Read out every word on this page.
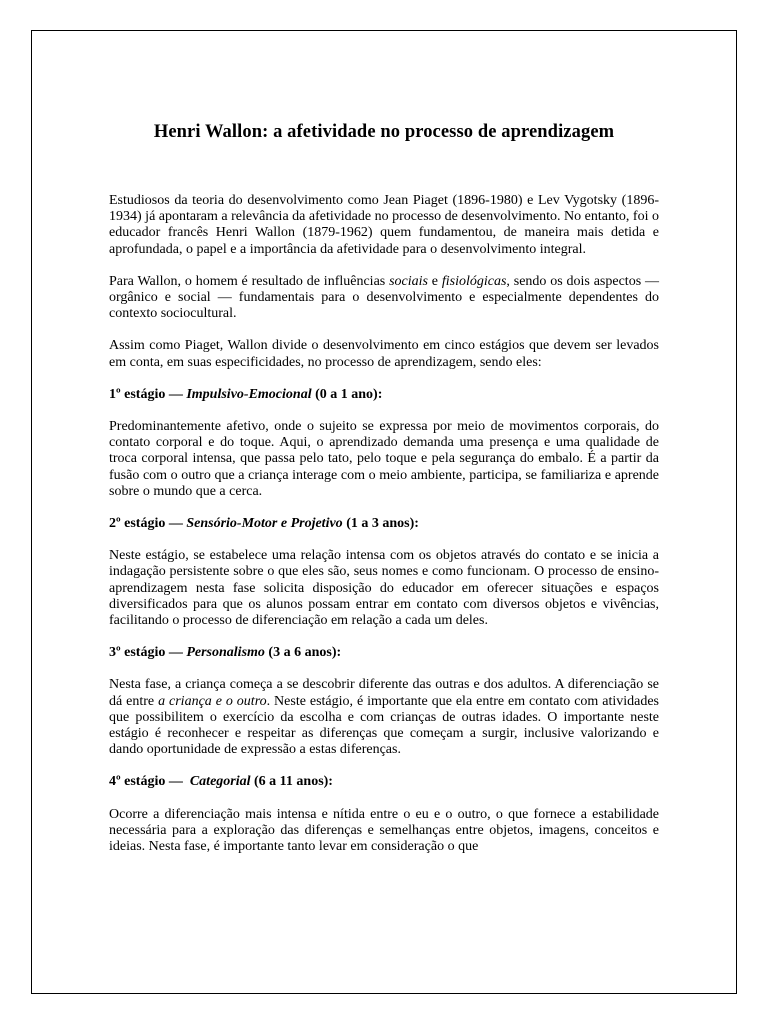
Henri Wallon: a afetividade no processo de aprendizagem

Estudiosos da teoria do desenvolvimento como Jean Piaget (1896-1980) e Lev Vygotsky (1896-1934) já apontaram a relevância da afetividade no processo de desenvolvimento. No entanto, foi o educador francês Henri Wallon (1879-1962) quem fundamentou, de maneira mais detida e aprofundada, o papel e a importância da afetividade para o desenvolvimento integral.

Para Wallon, o homem é resultado de influências sociais e fisiológicas, sendo os dois aspectos — orgânico e social — fundamentais para o desenvolvimento e especialmente dependentes do contexto sociocultural.

Assim como Piaget, Wallon divide o desenvolvimento em cinco estágios que devem ser levados em conta, em suas especificidades, no processo de aprendizagem, sendo eles:

1º estágio — Impulsivo-Emocional (0 a 1 ano):

Predominantemente afetivo, onde o sujeito se expressa por meio de movimentos corporais, do contato corporal e do toque. Aqui, o aprendizado demanda uma presença e uma qualidade de troca corporal intensa, que passa pelo tato, pelo toque e pela segurança do embalo. É a partir da fusão com o outro que a criança interage com o meio ambiente, participa, se familiariza e aprende sobre o mundo que a cerca.

2º estágio — Sensório-Motor e Projetivo (1 a 3 anos):

Neste estágio, se estabelece uma relação intensa com os objetos através do contato e se inicia a indagação persistente sobre o que eles são, seus nomes e como funcionam. O processo de ensino-aprendizagem nesta fase solicita disposição do educador em oferecer situações e espaços diversificados para que os alunos possam entrar em contato com diversos objetos e vivências, facilitando o processo de diferenciação em relação a cada um deles.

3º estágio — Personalismo (3 a 6 anos):

Nesta fase, a criança começa a se descobrir diferente das outras e dos adultos. A diferenciação se dá entre a criança e o outro. Neste estágio, é importante que ela entre em contato com atividades que possibilitem o exercício da escolha e com crianças de outras idades. O importante neste estágio é reconhecer e respeitar as diferenças que começam a surgir, inclusive valorizando e dando oportunidade de expressão a estas diferenças.

4º estágio —  Categorial (6 a 11 anos):

Ocorre a diferenciação mais intensa e nítida entre o eu e o outro, o que fornece a estabilidade necessária para a exploração das diferenças e semelhanças entre objetos, imagens, conceitos e ideias. Nesta fase, é importante tanto levar em consideração o que
